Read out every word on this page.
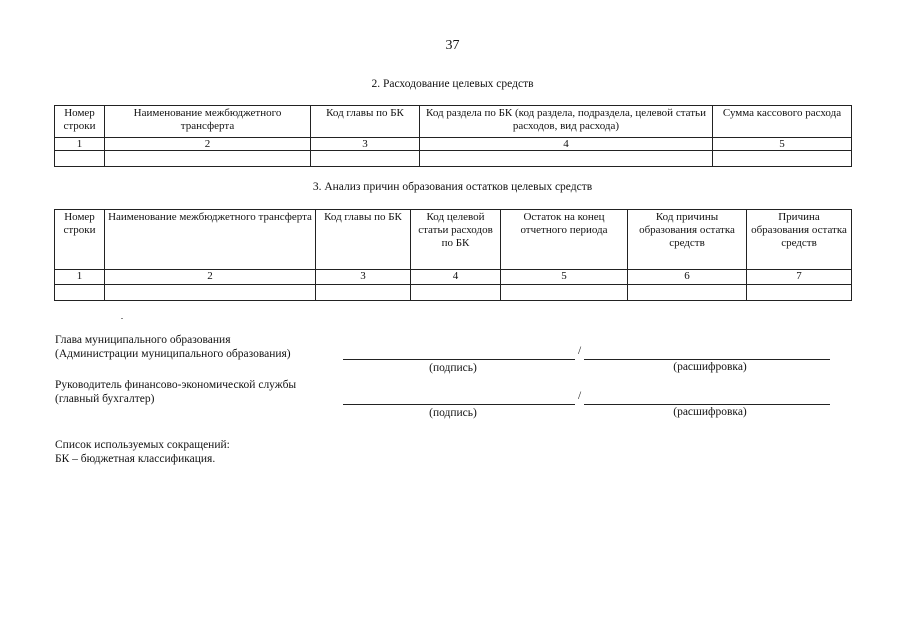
37
2. Расходование целевых средств
Номер строки	Наименование межбюджетного трансферта	Код главы по БК	Код раздела по БК (код раздела, подраздела, целевой статьи расходов, вид расхода)	Сумма кассового расхода
1	2	3	4	5

3. Анализ причин образования остатков целевых средств
Номер строки	Наименование межбюджетного трансферта	Код главы по БК	Код целевой статьи расходов по БК	Остаток на конец отчетного периода	Код причины образования остатка средств	Причина образования остатка средств
1	2	3	4	5	6	7

Глава муниципального образования
(Администрации муниципального образования)	/
(подпись)	(расшифровка)
Руководитель финансово-экономической службы
(главный бухгалтер)	/
(подпись)	(расшифровка)
Список используемых сокращений:
БК – бюджетная классификация.
